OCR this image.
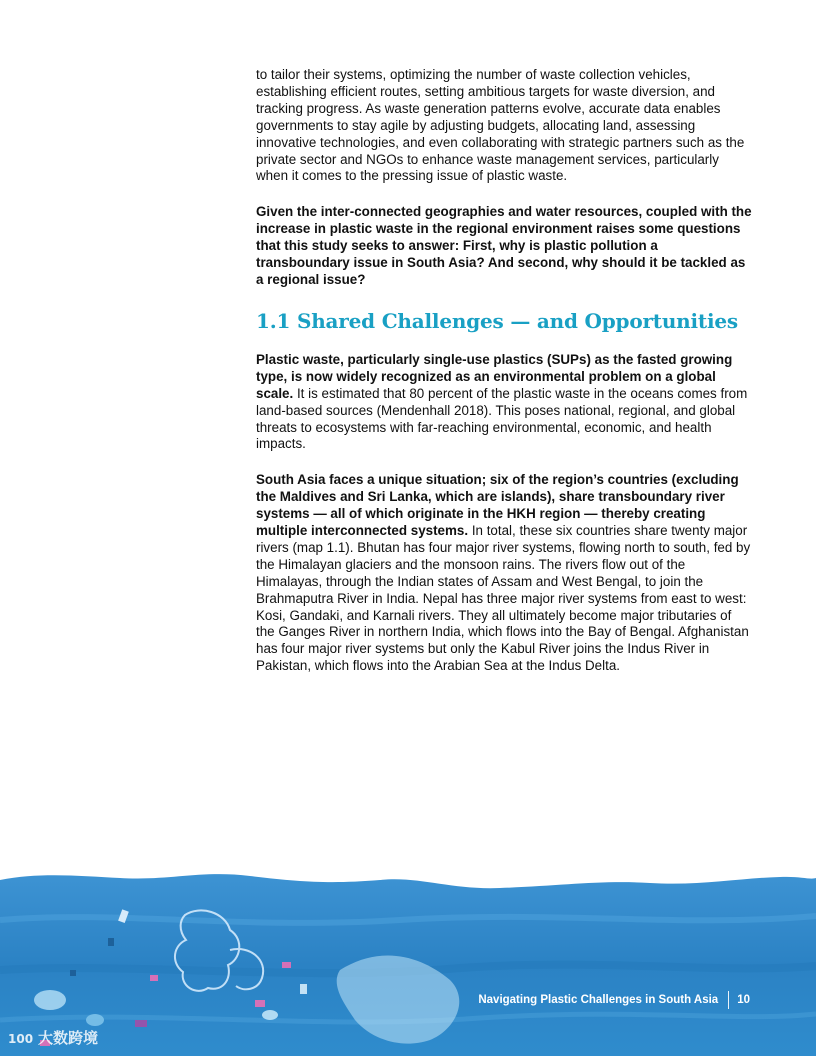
to tailor their systems, optimizing the number of waste collection vehicles, establishing efficient routes, setting ambitious targets for waste diversion, and tracking progress. As waste generation patterns evolve, accurate data enables governments to stay agile by adjusting budgets, allocating land, assessing innovative technologies, and even collaborating with strategic partners such as the private sector and NGOs to enhance waste management services, particularly when it comes to the pressing issue of plastic waste.

Given the inter-connected geographies and water resources, coupled with the increase in plastic waste in the regional environment raises some questions that this study seeks to answer: First, why is plastic pollution a transboundary issue in South Asia? And second, why should it be tackled as a regional issue?

1.1 Shared Challenges — and Opportunities

Plastic waste, particularly single-use plastics (SUPs) as the fasted growing type, is now widely recognized as an environmental problem on a global scale. It is estimated that 80 percent of the plastic waste in the oceans comes from land-based sources (Mendenhall 2018). This poses national, regional, and global threats to ecosystems with far-reaching environmental, economic, and health impacts.

South Asia faces a unique situation; six of the region’s countries (excluding the Maldives and Sri Lanka, which are islands), share transboundary river systems — all of which originate in the HKH region — thereby creating multiple interconnected systems. In total, these six countries share twenty major rivers (map 1.1). Bhutan has four major river systems, flowing north to south, fed by the Himalayan glaciers and the monsoon rains. The rivers flow out of the Himalayas, through the Indian states of Assam and West Bengal, to join the Brahmaputra River in India. Nepal has three major river systems from east to west: Kosi, Gandaki, and Karnali rivers. They all ultimately become major tributaries of the Ganges River in northern India, which flows into the Bay of Bengal. Afghanistan has four major river systems but only the Kabul River joins the Indus River in Pakistan, which flows into the Arabian Sea at the Indus Delta.

Navigating Plastic Challenges in South Asia 10
100 大数跨境
